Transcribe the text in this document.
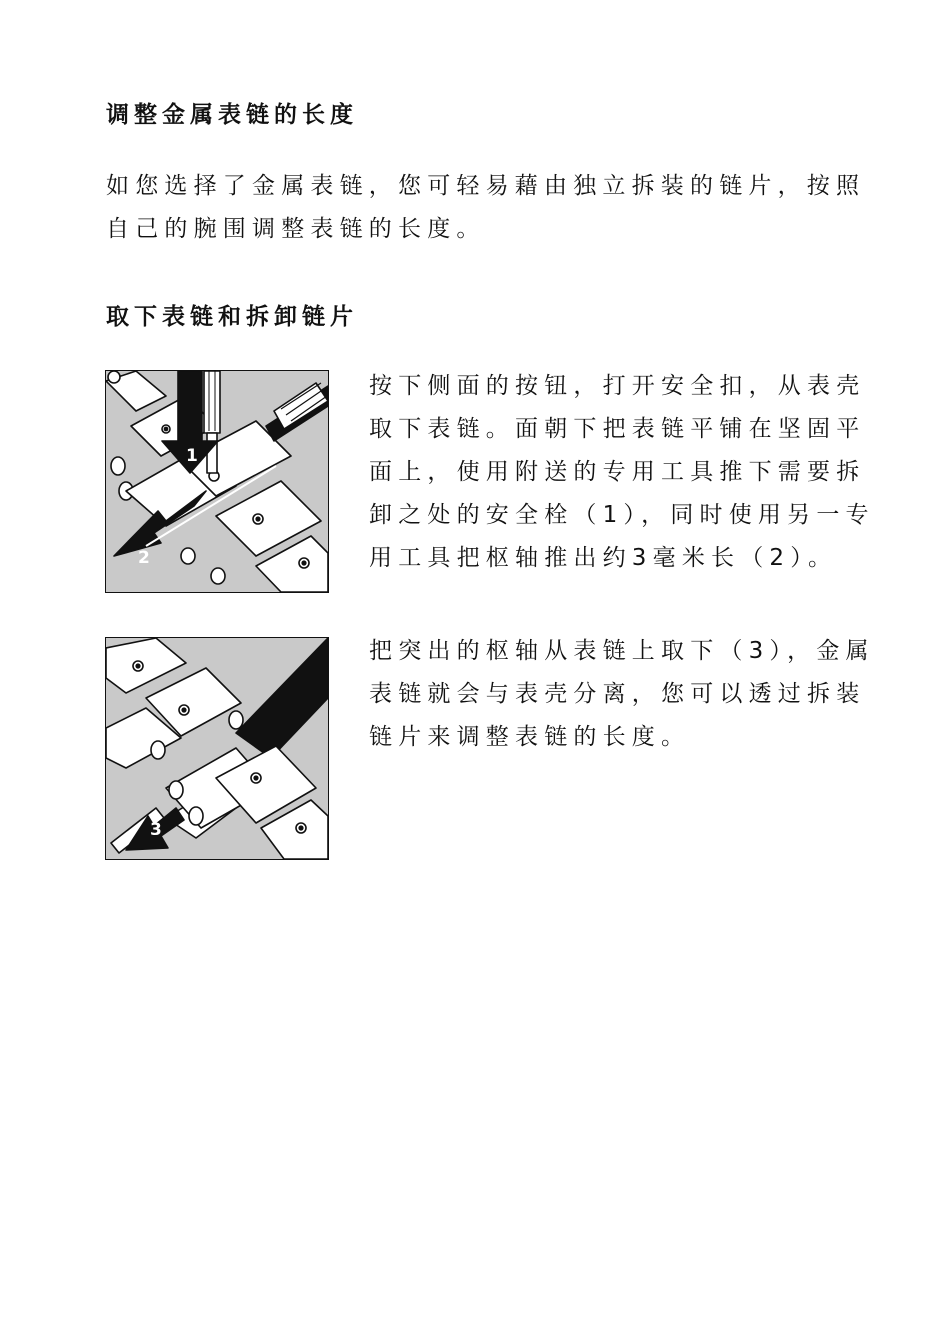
调整金属表链的长度

如您选择了金属表链，您可轻易藉由独立拆装的链片，按照自己的腕围调整表链的长度。

取下表链和拆卸链片
1
2

按下侧面的按钮，打开安全扣，从表壳取下表链。面朝下把表链平铺在坚固平面上，使用附送的专用工具推下需要拆卸之处的安全栓（1），同时使用另一专用工具把枢轴推出约3毫米长（2）。

3

把突出的枢轴从表链上取下（3），金属表链就会与表壳分离，您可以透过拆装链片来调整表链的长度。
